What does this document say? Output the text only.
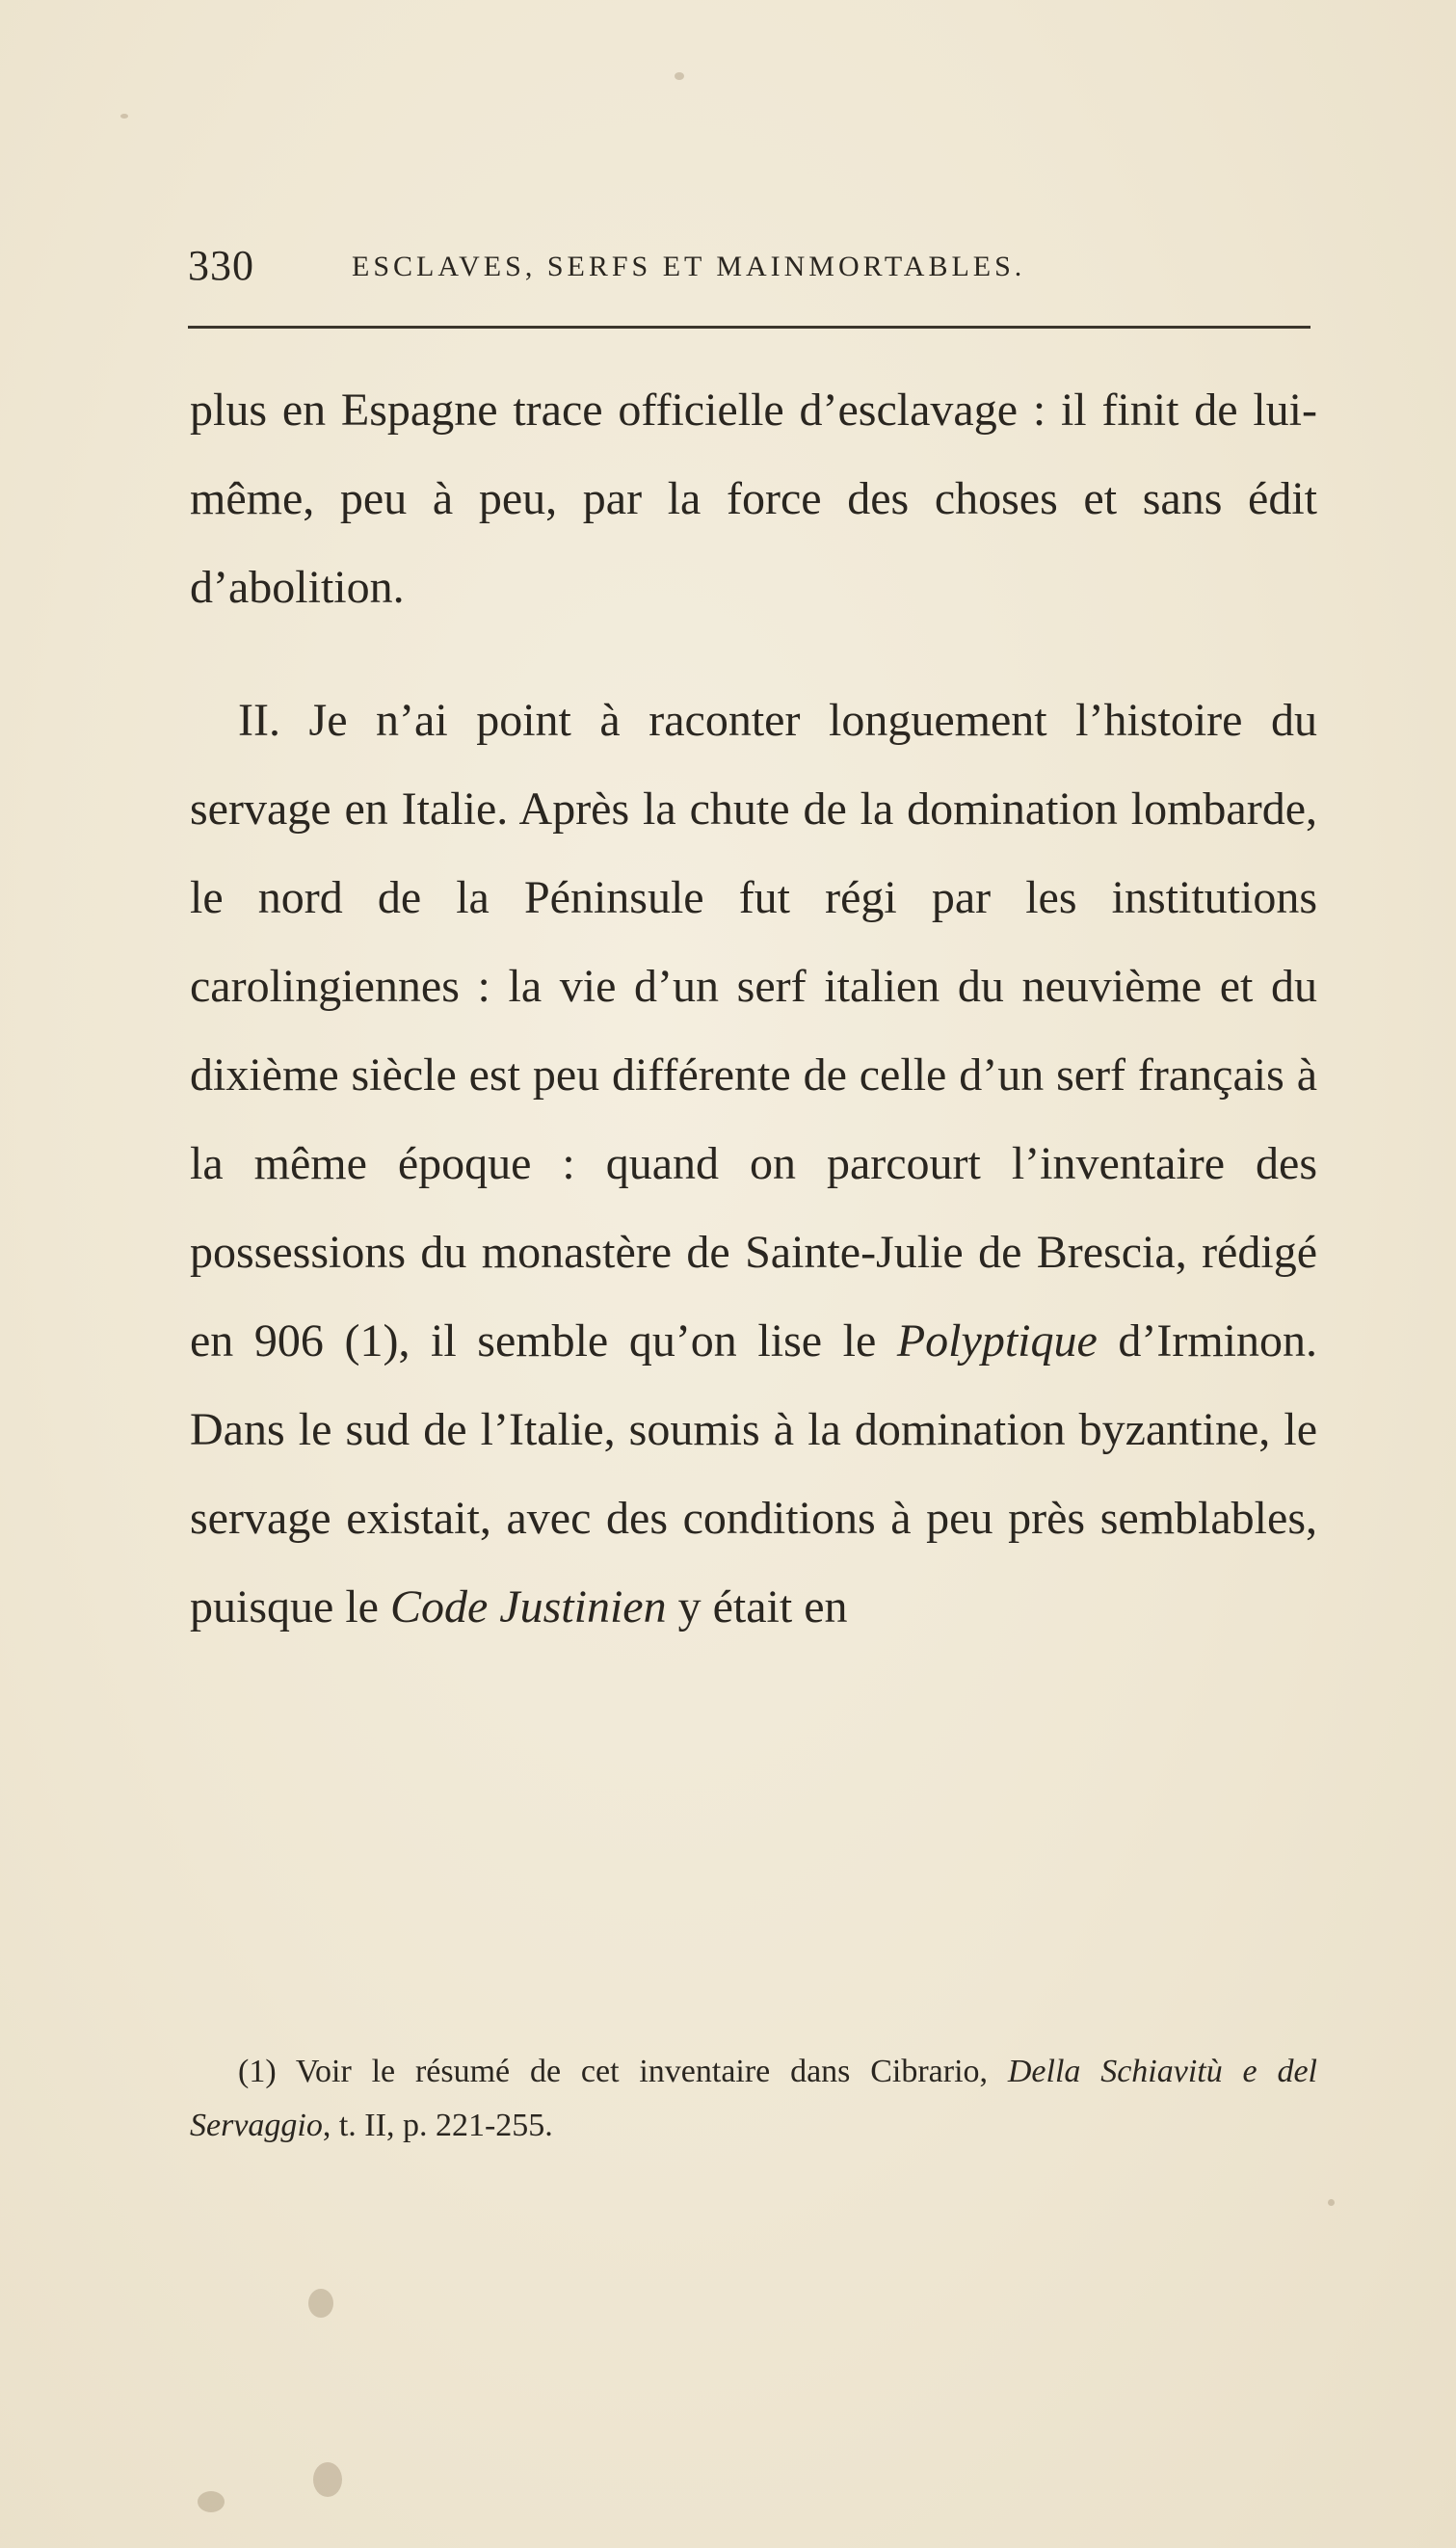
330	ESCLAVES, SERFS ET MAINMORTABLES.

plus en Espagne trace officielle d’esclavage : il finit de lui-même, peu à peu, par la force des choses et sans édit d’abolition.

II. Je n’ai point à raconter longuement l’histoire du servage en Italie. Après la chute de la domination lombarde, le nord de la Péninsule fut régi par les institutions carolingiennes : la vie d’un serf italien du neuvième et du dixième siècle est peu différente de celle d’un serf français à la même époque : quand on parcourt l’inventaire des possessions du monastère de Sainte-Julie de Brescia, rédigé en 906 (1), il semble qu’on lise le Polyptique d’Irminon. Dans le sud de l’Italie, soumis à la domination byzantine, le servage existait, avec des conditions à peu près semblables, puisque le Code Justinien y était en

(1) Voir le résumé de cet inventaire dans Cibrario, Della Schiavitù e del Servaggio, t. II, p. 221-255.
